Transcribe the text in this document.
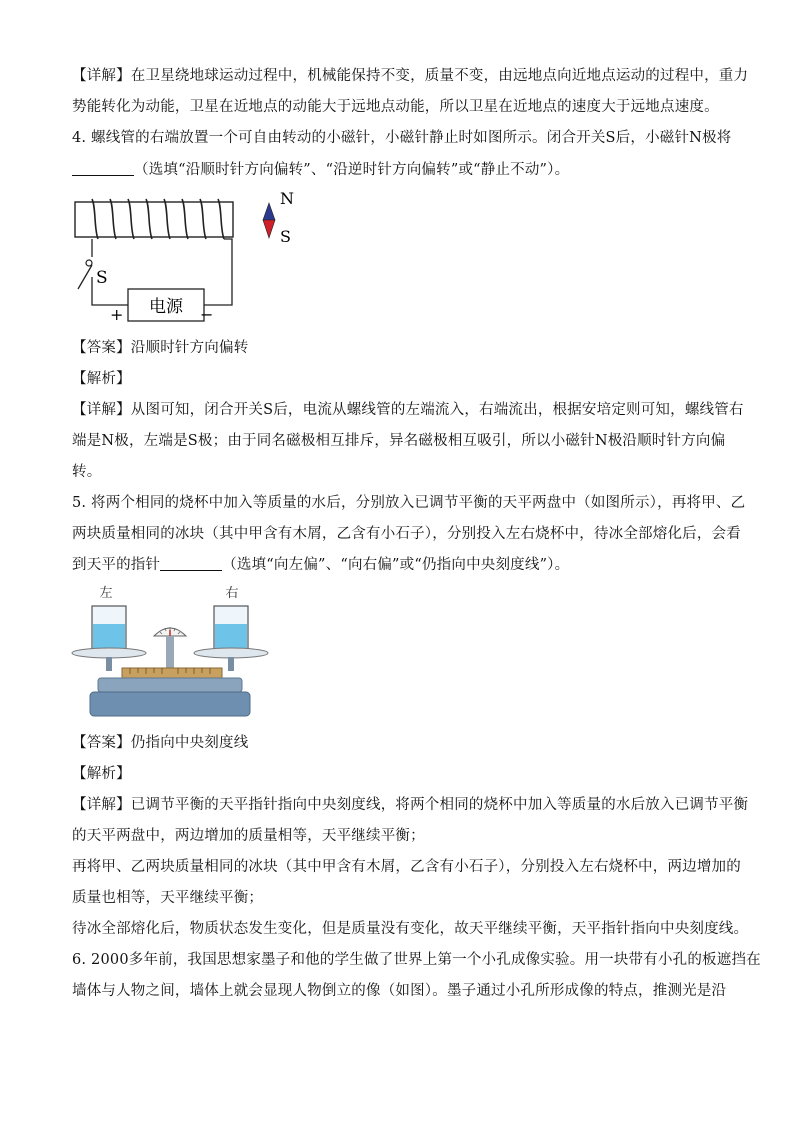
【详解】在卫星绕地球运动过程中，机械能保持不变，质量不变，由远地点向近地点运动的过程中，重力
势能转化为动能，卫星在近地点的动能大于远地点动能，所以卫星在近地点的速度大于远地点速度。
4. 螺线管的右端放置一个可自由转动的小磁针，小磁针静止时如图所示。闭合开关S后，小磁针N极将
（选填“沿顺时针方向偏转”、“沿逆时针方向偏转”或“静止不动”）。
S
电源
+	−
N
S
【答案】沿顺时针方向偏转
【解析】
【详解】从图可知，闭合开关S后，电流从螺线管的左端流入，右端流出，根据安培定则可知，螺线管右
端是N极，左端是S极；由于同名磁极相互排斥，异名磁极相互吸引，所以小磁针N极沿顺时针方向偏
转。
5. 将两个相同的烧杯中加入等质量的水后，分别放入已调节平衡的天平两盘中（如图所示），再将甲、乙
两块质量相同的冰块（其中甲含有木屑，乙含有小石子），分别投入左右烧杯中，待冰全部熔化后，会看
到天平的指针	（选填“向左偏”、“向右偏”或“仍指向中央刻度线”）。
左	右
【答案】仍指向中央刻度线
【解析】
【详解】已调节平衡的天平指针指向中央刻度线，将两个相同的烧杯中加入等质量的水后放入已调节平衡
的天平两盘中，两边增加的质量相等，天平继续平衡；
再将甲、乙两块质量相同的冰块（其中甲含有木屑，乙含有小石子），分别投入左右烧杯中，两边增加的
质量也相等，天平继续平衡；
待冰全部熔化后，物质状态发生变化，但是质量没有变化，故天平继续平衡，天平指针指向中央刻度线。
6. 2000多年前，我国思想家墨子和他的学生做了世界上第一个小孔成像实验。用一块带有小孔的板遮挡在
墙体与人物之间，墙体上就会显现人物倒立的像（如图）。墨子通过小孔所形成像的特点，推测光是沿
